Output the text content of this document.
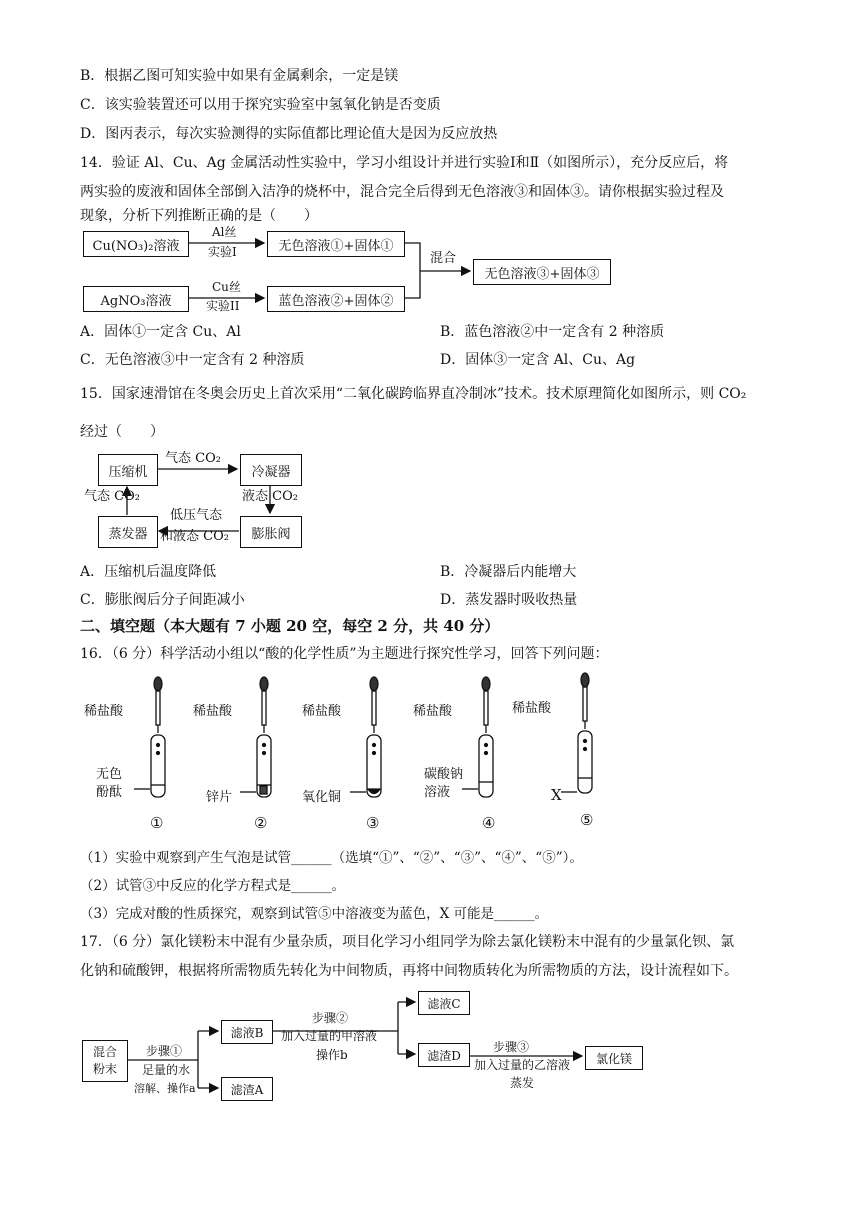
B．根据乙图可知实验中如果有金属剩余，一定是镁
C．该实验装置还可以用于探究实验室中氢氧化钠是否变质
D．图丙表示，每次实验测得的实际值都比理论值大是因为反应放热
14．验证 Al、Cu、Ag 金属活动性实验中，学习小组设计并进行实验Ⅰ和Ⅱ（如图所示），充分反应后，将
两实验的废液和固体全部倒入洁净的烧杯中，混合完全后得到无色溶液③和固体③。请你根据实验过程及
现象，分析下列推断正确的是（　　）
Cu(NO₃)₂溶液
Al丝
实验I	无色溶液①+固体①
AgNO₃溶液
Cu丝
实验II	蓝色溶液②+固体②
混合
无色溶液③+固体③
A．固体①一定含 Cu、Al	B．蓝色溶液②中一定含有 2 种溶质
C．无色溶液③中一定含有 2 种溶质	D．固体③一定含 Al、Cu、Ag
15．国家速滑馆在冬奥会历史上首次采用“二氧化碳跨临界直冷制冰”技术。技术原理简化如图所示，则 CO₂
经过（　　）
压缩机	冷凝器
膨胀阀
蒸发器
气态 CO₂
液态 CO₂
低压气态
和液态 CO₂
气态 CO₂
A．压缩机后温度降低	B．冷凝器后内能增大
C．膨胀阀后分子间距减小	D．蒸发器时吸收热量
二、填空题（本大题有 7 小题 20 空，每空 2 分，共 40 分）
16．（6 分）科学活动小组以“酸的化学性质”为主题进行探究性学习，回答下列问题：
稀盐酸	稀盐酸	稀盐酸	稀盐酸	稀盐酸
无色
酚酞	锌片	氧化铜
碳酸钠
溶液	X
①	②	③	④	⑤
（1）实验中观察到产生气泡是试管______（选填“①”、“②”、“③”、“④”、“⑤”）。
（2）试管③中反应的化学方程式是______。
（3）完成对酸的性质探究，观察到试管⑤中溶液变为蓝色，X 可能是______。
17．（6 分）氯化镁粉末中混有少量杂质，项目化学习小组同学为除去氯化镁粉末中混有的少量氯化钡、氯
化钠和硫酸钾，根据将所需物质先转化为中间物质，再将中间物质转化为所需物质的方法，设计流程如下。
混合
粉末
步骤①
足量的水
溶解、操作a
滤液B
滤渣A
步骤②
加入过量的甲溶液
操作b
滤液C
滤渣D
步骤③
加入过量的乙溶液
蒸发
氯化镁
